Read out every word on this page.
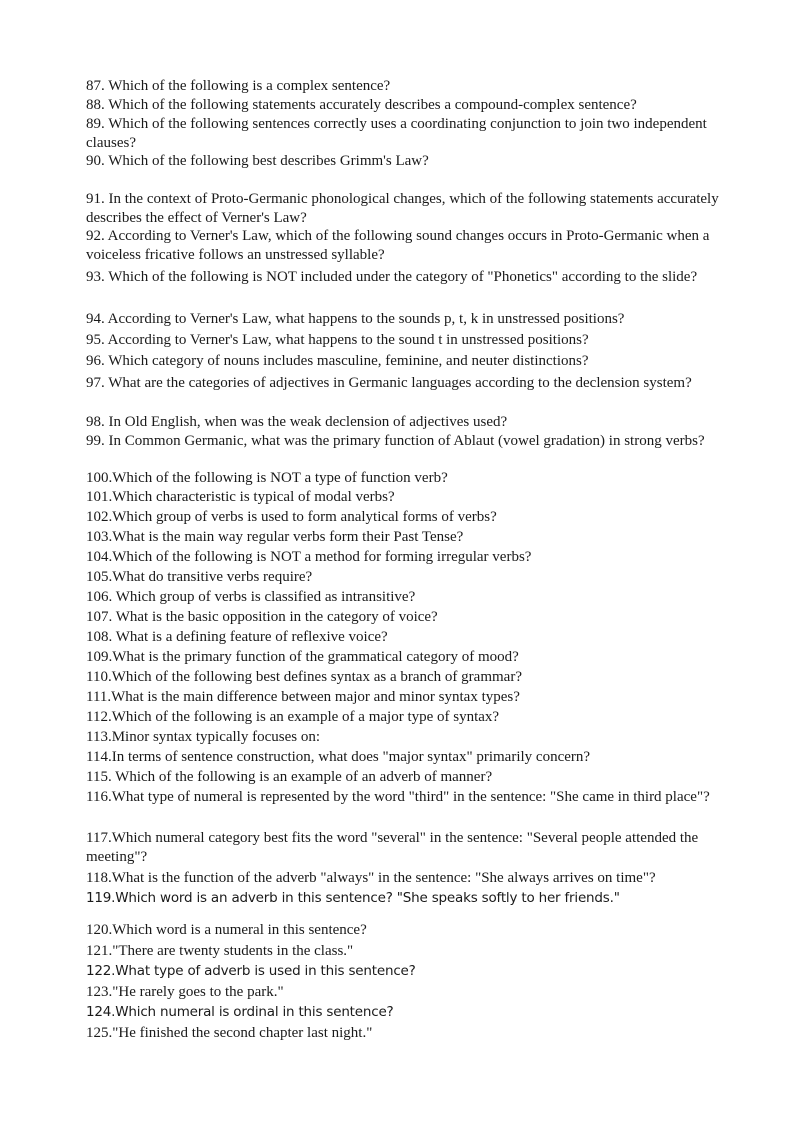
87. Which of the following is a complex sentence?
88. Which of the following statements accurately describes a compound-complex sentence?
89. Which of the following sentences correctly uses a coordinating conjunction to join two independent clauses?
90. Which of the following best describes Grimm's Law?
91. In the context of Proto-Germanic phonological changes, which of the following statements accurately describes the effect of Verner's Law?
92. According to Verner's Law, which of the following sound changes occurs in Proto-Germanic when a voiceless fricative follows an unstressed syllable?
93. Which of the following is NOT included under the category of "Phonetics" according to the slide?
94. According to Verner's Law, what happens to the sounds p, t, k in unstressed positions?
95. According to Verner's Law, what happens to the sound t in unstressed positions?
96. Which category of nouns includes masculine, feminine, and neuter distinctions?
97. What are the categories of adjectives in Germanic languages according to the declension system?
98. In Old English, when was the weak declension of adjectives used?
99. In Common Germanic, what was the primary function of Ablaut (vowel gradation) in strong verbs?
100.Which of the following is NOT a type of function verb?
101.Which characteristic is typical of modal verbs?
102.Which group of verbs is used to form analytical forms of verbs?
103.What is the main way regular verbs form their Past Tense?
104.Which of the following is NOT a method for forming irregular verbs?
105.What do transitive verbs require?
106. Which group of verbs is classified as intransitive?
107. What is the basic opposition in the category of voice?
108. What is a defining feature of reflexive voice?
109.What is the primary function of the grammatical category of mood?
110.Which of the following best defines syntax as a branch of grammar?
111.What is the main difference between major and minor syntax types?
112.Which of the following is an example of a major type of syntax?
113.Minor syntax typically focuses on:
114.In terms of sentence construction, what does "major syntax" primarily concern?
115. Which of the following is an example of an adverb of manner?
116.What type of numeral is represented by the word "third" in the sentence: "She came in third place"?
117.Which numeral category best fits the word "several" in the sentence: "Several people attended the meeting"?
118.What is the function of the adverb "always" in the sentence: "She always arrives on time"?
119.Which word is an adverb in this sentence? "She speaks softly to her friends."
120.Which word is a numeral in this sentence?
121."There are twenty students in the class."
122.What type of adverb is used in this sentence?
123."He rarely goes to the park."
124.Which numeral is ordinal in this sentence?
125."He finished the second chapter last night."
